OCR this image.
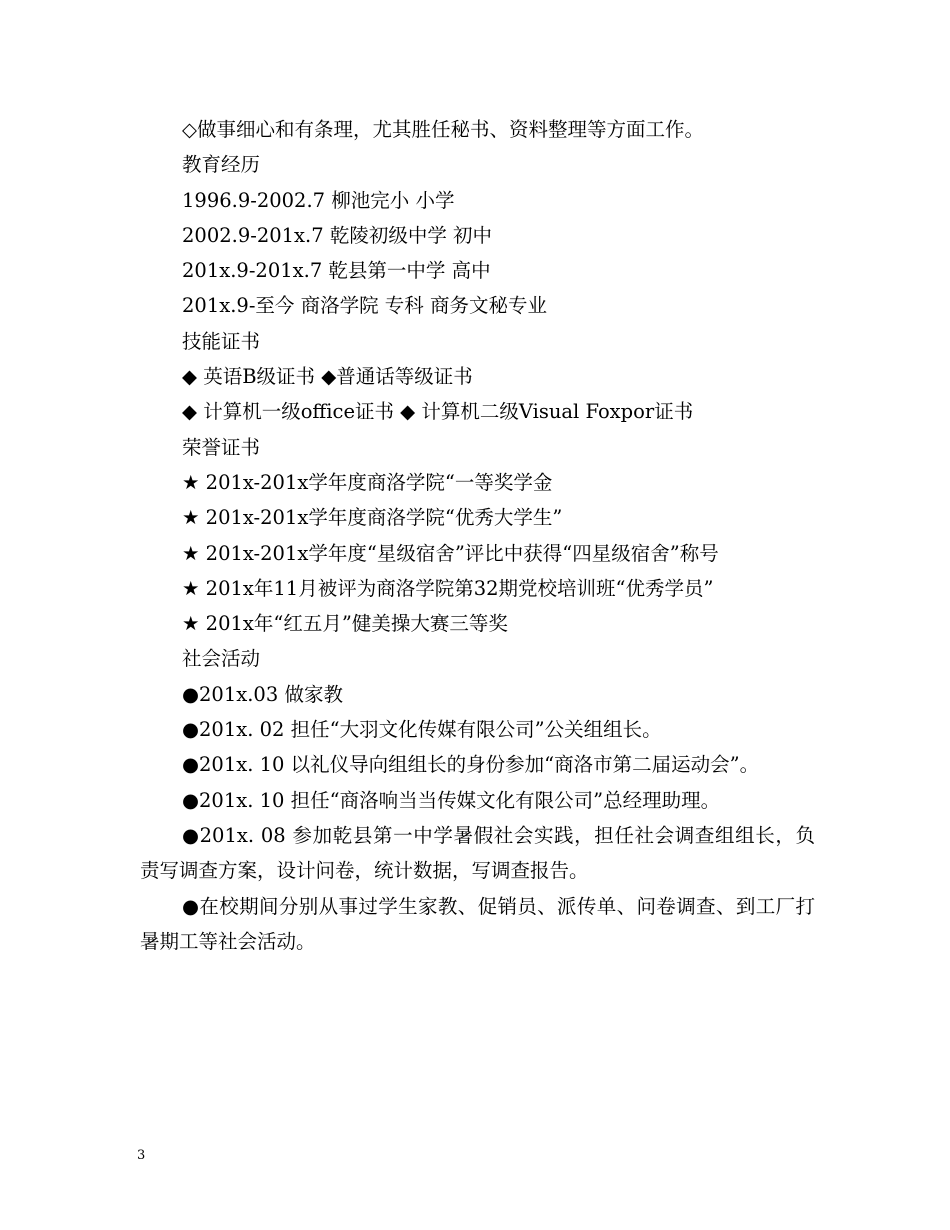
◇做事细心和有条理，尤其胜任秘书、资料整理等方面工作。
教育经历
1996.9-2002.7 柳池完小 小学
2002.9-201x.7 乾陵初级中学 初中
201x.9-201x.7 乾县第一中学 高中
201x.9-至今 商洛学院 专科 商务文秘专业
技能证书
◆ 英语B级证书 ◆普通话等级证书
◆ 计算机一级office证书 ◆ 计算机二级Visual Foxpor证书
荣誉证书
★ 201x-201x学年度商洛学院“一等奖学金
★ 201x-201x学年度商洛学院“优秀大学生”
★ 201x-201x学年度“星级宿舍”评比中获得“四星级宿舍”称号
★ 201x年11月被评为商洛学院第32期党校培训班“优秀学员”
★ 201x年“红五月”健美操大赛三等奖
社会活动
●201x.03 做家教
●201x. 02 担任“大羽文化传媒有限公司”公关组组长。
●201x. 10 以礼仪导向组组长的身份参加“商洛市第二届运动会”。
●201x. 10 担任“商洛响当当传媒文化有限公司”总经理助理。
●201x. 08 参加乾县第一中学暑假社会实践，担任社会调查组组长，负责写调查方案，设计问卷，统计数据，写调查报告。
●在校期间分别从事过学生家教、促销员、派传单、问卷调查、到工厂打暑期工等社会活动。
3
